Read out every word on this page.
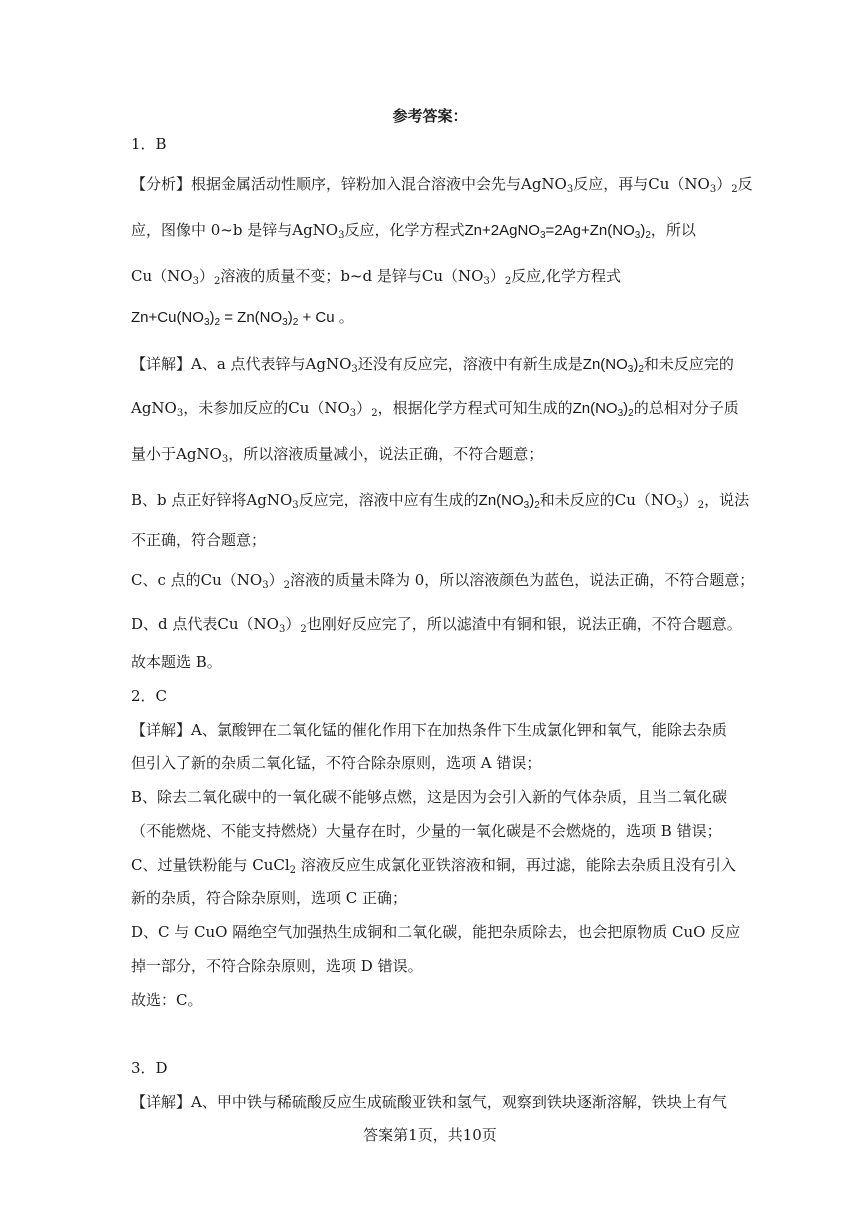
参考答案：
1．B
【分析】根据金属活动性顺序，锌粉加入混合溶液中会先与AgNO$_3$反应，再与$Cu(NO_3)_2$反
应，图像中 0~b 是锌与AgNO$_3$反应，化学方程式$Zn+2AgNO_3=2Ag+Zn(NO_3)_2$，所以
$Cu(NO_3)_2$溶液的质量不变；b~d 是锌与$Cu(NO_3)_2$反应,化学方程式
$Zn+Cu(NO_3)_2 = Zn(NO_3)_2 + Cu$ 。
【详解】A、a 点代表锌与AgNO$_3$还没有反应完，溶液中有新生成是$Zn(NO_3)_2$和未反应完的
AgNO$_3$，未参加反应的$Cu(NO_3)_2$，根据化学方程式可知生成的$Zn(NO_3)_2$的总相对分子质
量小于AgNO$_3$，所以溶液质量减小，说法正确，不符合题意；
B、b 点正好锌将AgNO$_3$反应完，溶液中应有生成的$Zn(NO_3)_2$和未反应的$Cu(NO_3)_2$，说法
不正确，符合题意；
C、c 点的$Cu(NO_3)_2$溶液的质量未降为 0，所以溶液颜色为蓝色，说法正确，不符合题意；
D、d 点代表$Cu(NO_3)_2$也刚好反应完了，所以滤渣中有铜和银，说法正确，不符合题意。
故本题选 B。
2．C
【详解】A、氯酸钾在二氧化锰的催化作用下在加热条件下生成氯化钾和氧气，能除去杂质
但引入了新的杂质二氧化锰，不符合除杂原则，选项 A 错误；
B、除去二氧化碳中的一氧化碳不能够点燃，这是因为会引入新的气体杂质，且当二氧化碳
（不能燃烧、不能支持燃烧）大量存在时，少量的一氧化碳是不会燃烧的，选项 B 错误；
C、过量铁粉能与 CuCl$_2$ 溶液反应生成氯化亚铁溶液和铜，再过滤，能除去杂质且没有引入
新的杂质，符合除杂原则，选项 C 正确；
D、C 与 CuO 隔绝空气加强热生成铜和二氧化碳，能把杂质除去，也会把原物质 CuO 反应
掉一部分，不符合除杂原则，选项 D 错误。
故选：C。
3．D
【详解】A、甲中铁与稀硫酸反应生成硫酸亚铁和氢气，观察到铁块逐渐溶解，铁块上有气
答案第1页，共10页
